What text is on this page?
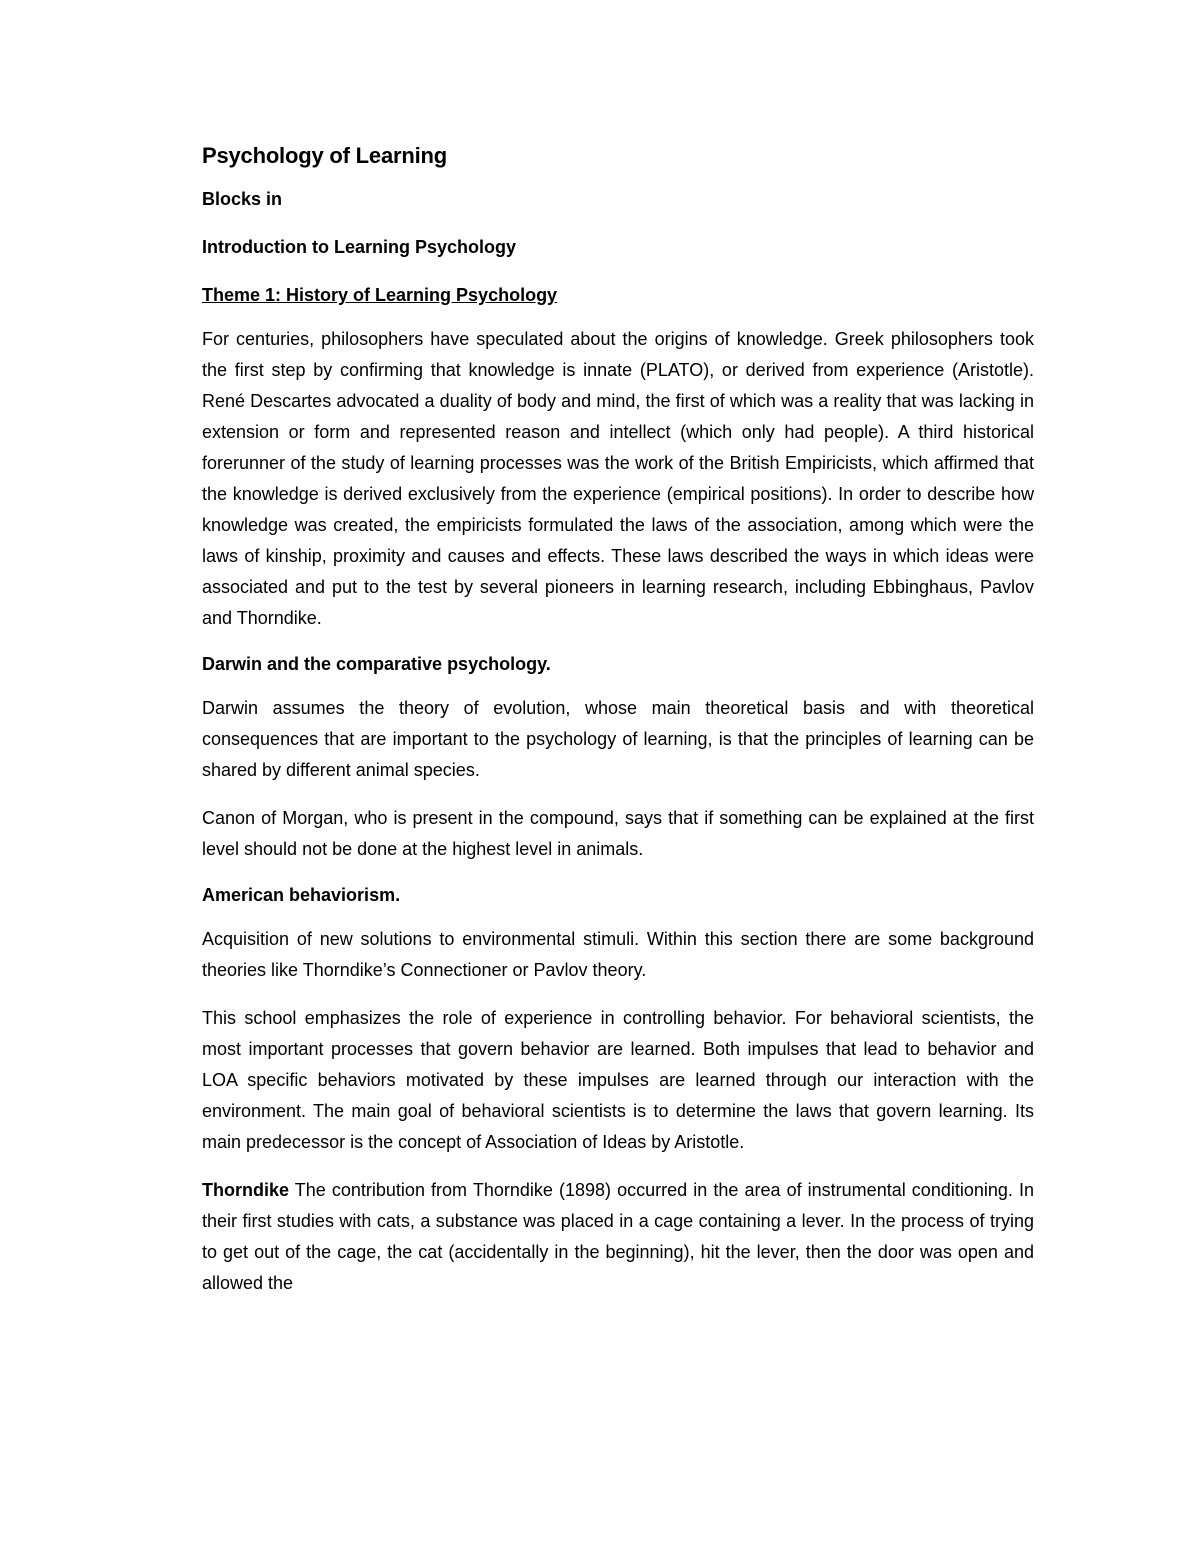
Psychology of Learning

Blocks in

Introduction to Learning Psychology

Theme 1: History of Learning Psychology

For centuries, philosophers have speculated about the origins of knowledge. Greek philosophers took the first step by confirming that knowledge is innate (PLATO), or derived from experience (Aristotle). René Descartes advocated a duality of body and mind, the first of which was a reality that was lacking in extension or form and represented reason and intellect (which only had people). A third historical forerunner of the study of learning processes was the work of the British Empiricists, which affirmed that the knowledge is derived exclusively from the experience (empirical positions). In order to describe how knowledge was created, the empiricists formulated the laws of the association, among which were the laws of kinship, proximity and causes and effects. These laws described the ways in which ideas were associated and put to the test by several pioneers in learning research, including Ebbinghaus, Pavlov and Thorndike.

Darwin and the comparative psychology.

Darwin assumes the theory of evolution, whose main theoretical basis and with theoretical consequences that are important to the psychology of learning, is that the principles of learning can be shared by different animal species.

Canon of Morgan, who is present in the compound, says that if something can be explained at the first level should not be done at the highest level in animals.

American behaviorism.

Acquisition of new solutions to environmental stimuli. Within this section there are some background theories like Thorndike’s Connectioner or Pavlov theory.

This school emphasizes the role of experience in controlling behavior. For behavioral scientists, the most important processes that govern behavior are learned. Both impulses that lead to behavior and LOA specific behaviors motivated by these impulses are learned through our interaction with the environment. The main goal of behavioral scientists is to determine the laws that govern learning. Its main predecessor is the concept of Association of Ideas by Aristotle.

Thorndike The contribution from Thorndike (1898) occurred in the area of instrumental conditioning. In their first studies with cats, a substance was placed in a cage containing a lever. In the process of trying to get out of the cage, the cat (accidentally in the beginning), hit the lever, then the door was open and allowed the
